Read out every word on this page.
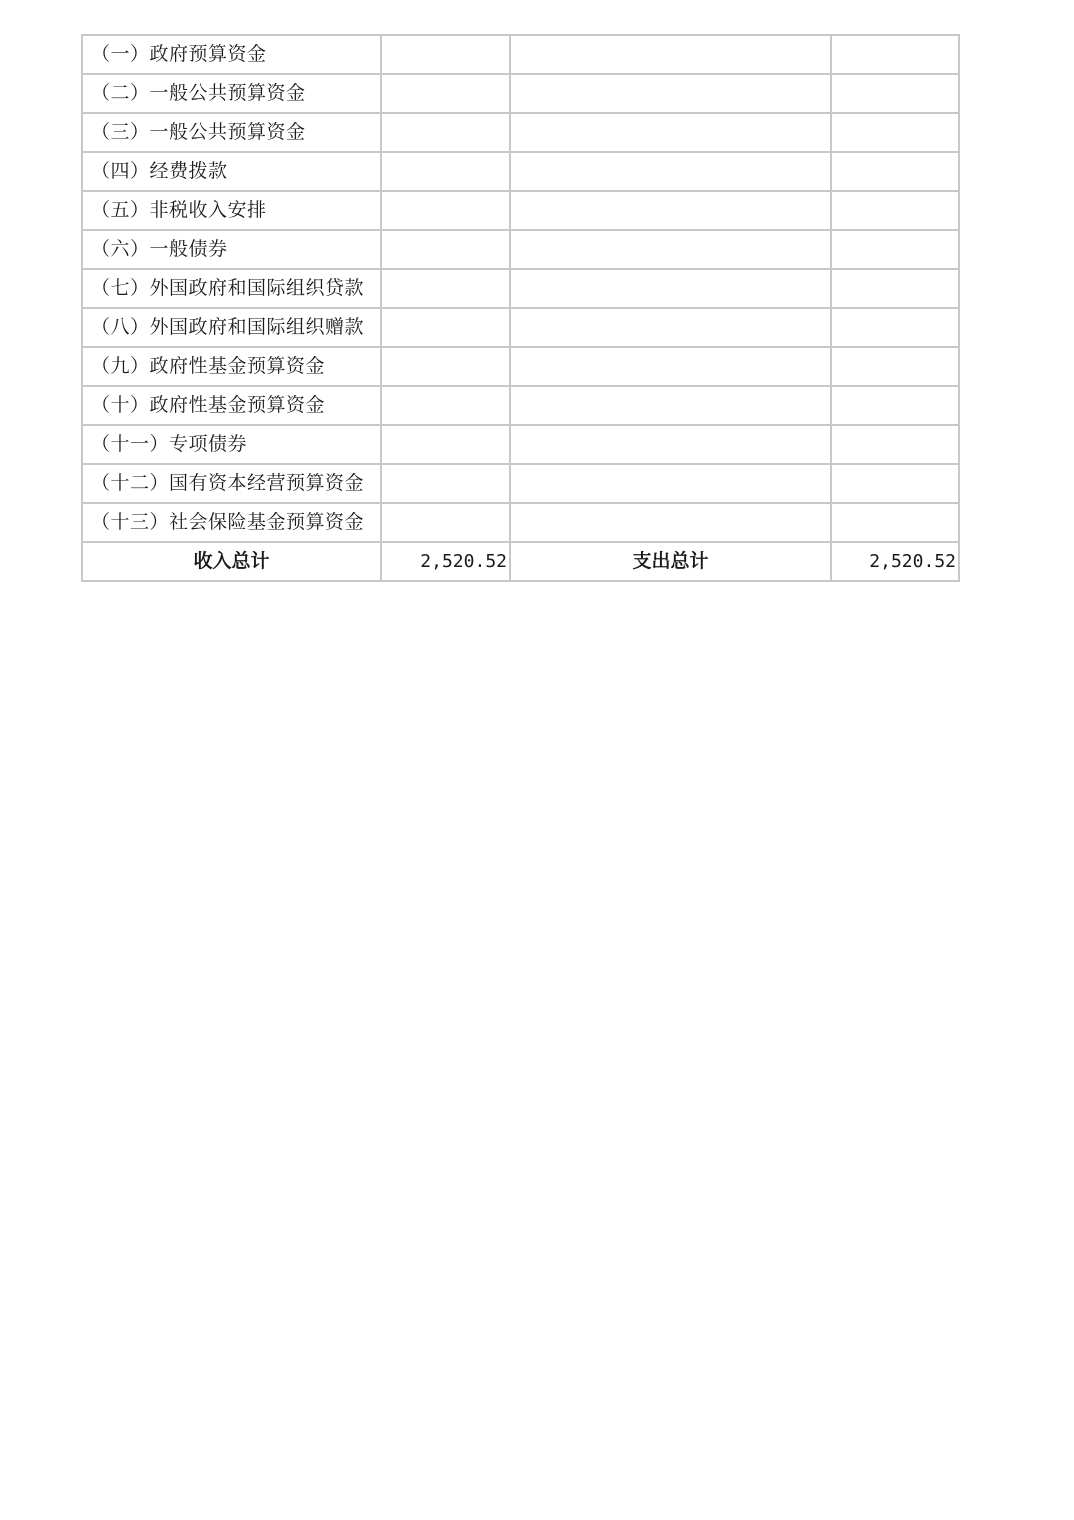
（一）政府预算资金			
（二）一般公共预算资金			
（三）一般公共预算资金			
（四）经费拨款			
（五）非税收入安排			
（六）一般债券			
（七）外国政府和国际组织贷款			
（八）外国政府和国际组织赠款			
（九）政府性基金预算资金			
（十）政府性基金预算资金			
（十一）专项债券			
（十二）国有资本经营预算资金			
（十三）社会保险基金预算资金			
收入总计	2,520.52	支出总计	2,520.52
